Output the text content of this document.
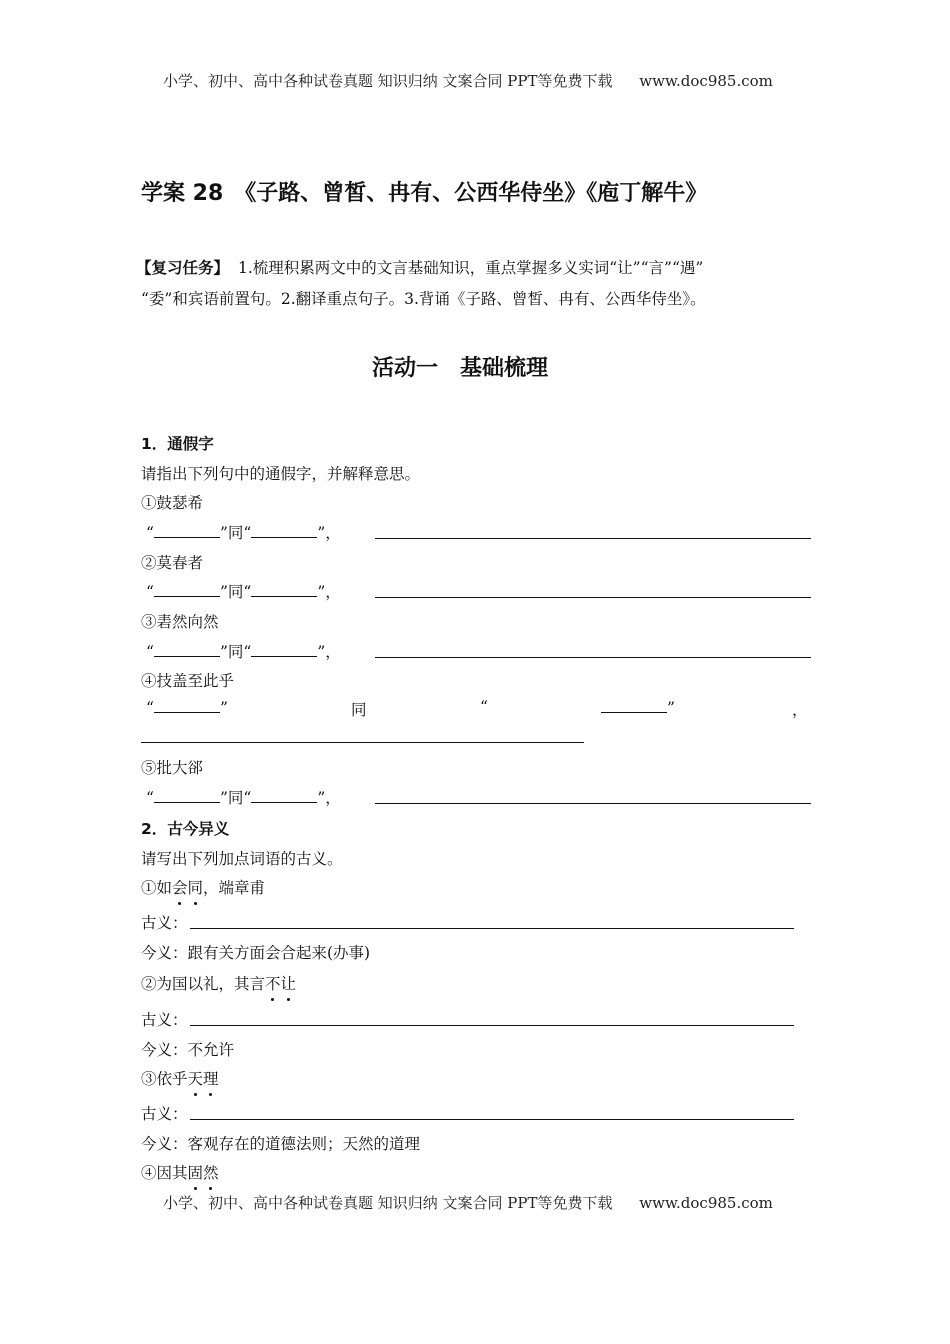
小学、初中、高中各种试卷真题 知识归纳 文案合同 PPT等免费下载 www.doc985.com
学案 28　《子路、曾皙、冉有、公西华侍坐》《庖丁解牛》
【复习任务】 1.梳理积累两文中的文言基础知识，重点掌握多义实词“让”“言”“遇”
“委”和宾语前置句。2.翻译重点句子。3.背诵《子路、曾皙、冉有、公西华侍坐》。
活动一　基础梳理
1．通假字
请指出下列句中的通假字，并解释意思。
①鼓瑟希
“	”同“	”，
②莫春者
“	”同“	”，
③砉然向然
“	”同“	”，
④技盖至此乎
“	”	同	“	”	，
⑤批大郤
“	”同“	”，
2．古今异义
请写出下列加点词语的古义。
①如会同，端章甫
古义：
今义：跟有关方面会合起来(办事)
②为国以礼，其言不让
古义：
今义：不允许
③依乎天理
古义：
今义：客观存在的道德法则；天然的道理
④因其固然
小学、初中、高中各种试卷真题 知识归纳 文案合同 PPT等免费下载 www.doc985.com
